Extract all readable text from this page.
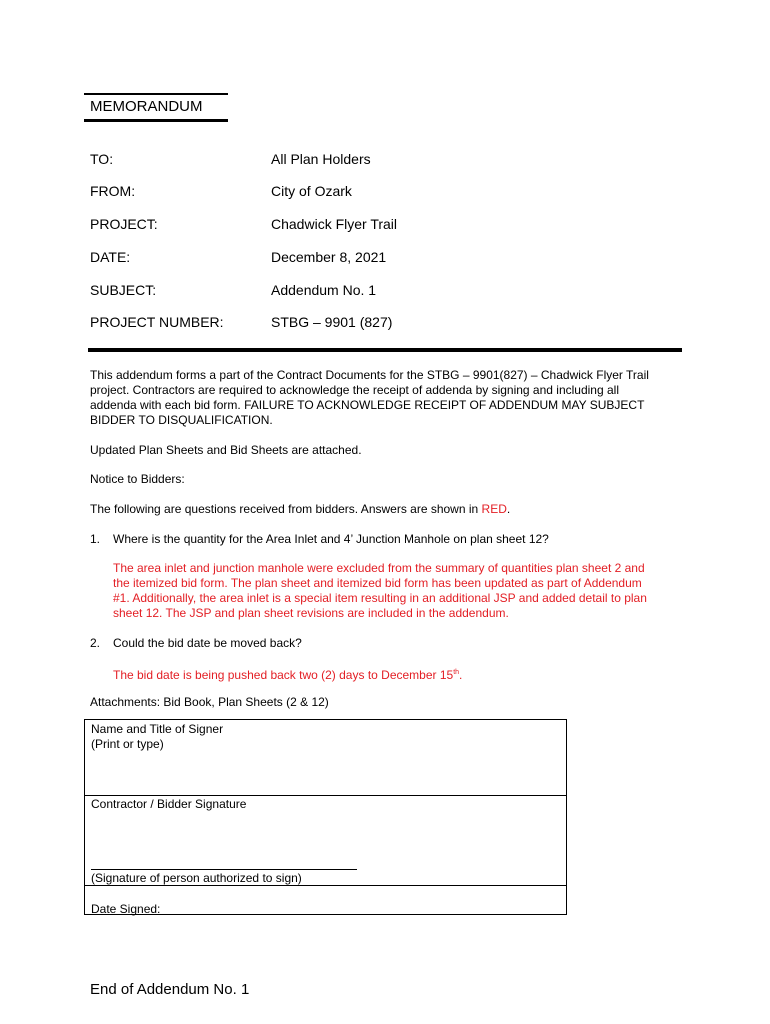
MEMORANDUM
TO:	All Plan Holders
FROM:	City of Ozark
PROJECT:	Chadwick Flyer Trail
DATE:	December 8, 2021
SUBJECT:	Addendum No. 1
PROJECT NUMBER:	STBG – 9901 (827)
This addendum forms a part of the Contract Documents for the STBG – 9901(827) – Chadwick Flyer Trail
project. Contractors are required to acknowledge the receipt of addenda by signing and including all
addenda with each bid form. FAILURE TO ACKNOWLEDGE RECEIPT OF ADDENDUM MAY SUBJECT
BIDDER TO DISQUALIFICATION.
Updated Plan Sheets and Bid Sheets are attached.
Notice to Bidders:
The following are questions received from bidders. Answers are shown in RED.
1. Where is the quantity for the Area Inlet and 4’ Junction Manhole on plan sheet 12?
The area inlet and junction manhole were excluded from the summary of quantities plan sheet 2 and
the itemized bid form. The plan sheet and itemized bid form has been updated as part of Addendum
#1. Additionally, the area inlet is a special item resulting in an additional JSP and added detail to plan
sheet 12. The JSP and plan sheet revisions are included in the addendum.
2. Could the bid date be moved back?
The bid date is being pushed back two (2) days to December 15th.
Attachments: Bid Book, Plan Sheets (2 & 12)
Name and Title of Signer
(Print or type)
Contractor / Bidder Signature
(Signature of person authorized to sign)
Date Signed:
End of Addendum No. 1
